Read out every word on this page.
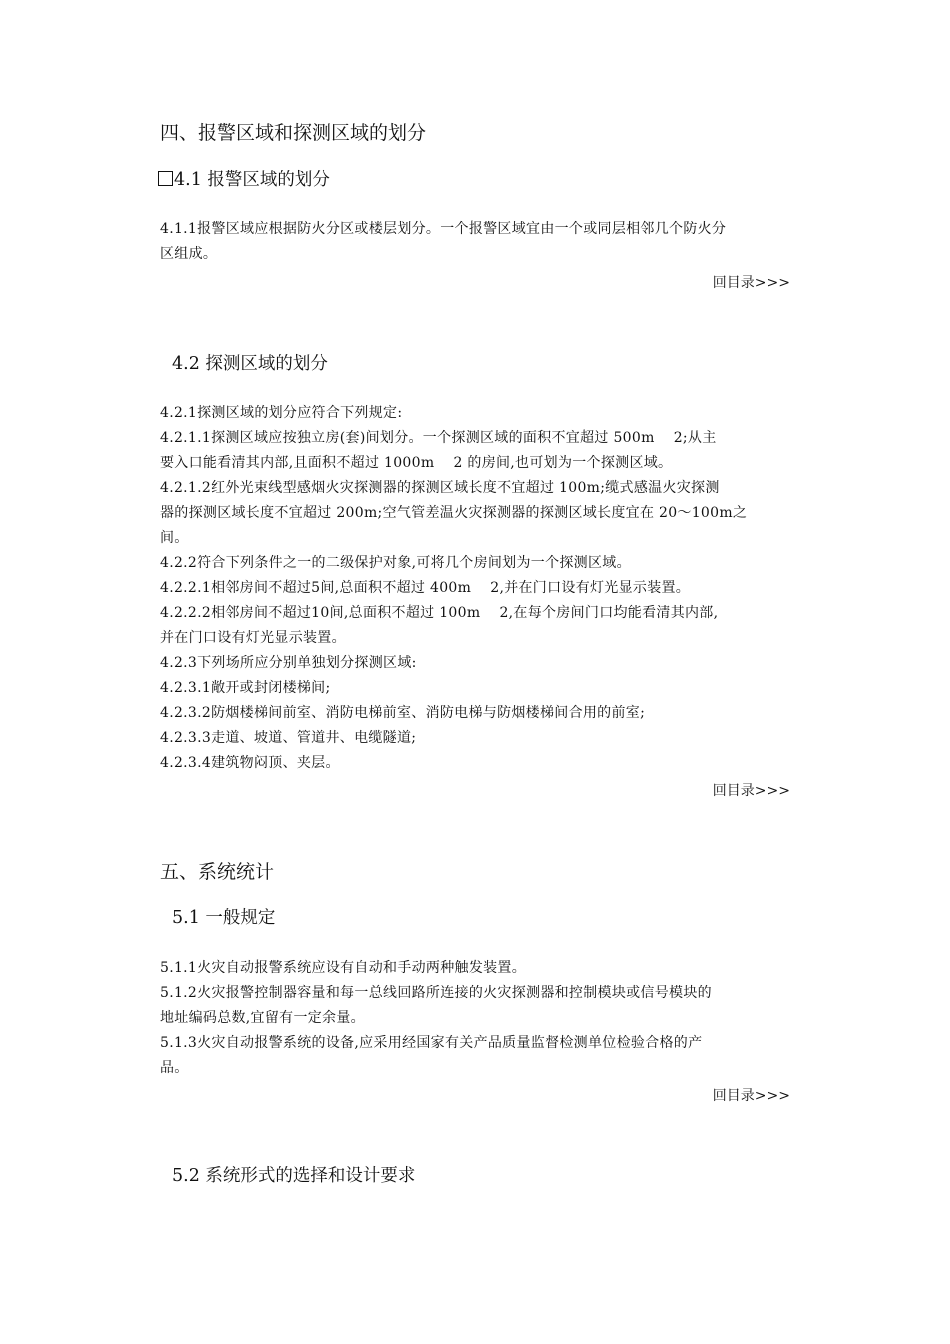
四、报警区域和探测区域的划分
4.1 报警区域的划分
4.1.1报警区域应根据防火分区或楼层划分。一个报警区域宜由一个或同层相邻几个防火分
区组成。
回目录>>>
4.2 探测区域的划分
4.2.1探测区域的划分应符合下列规定:
4.2.1.1探测区域应按独立房(套)间划分。一个探测区域的面积不宜超过 500m 　2;从主
要入口能看清其内部,且面积不超过 1000m 　2 的房间,也可划为一个探测区域。
4.2.1.2红外光束线型感烟火灾探测器的探测区域长度不宜超过 100m;缆式感温火灾探测
器的探测区域长度不宜超过 200m;空气管差温火灾探测器的探测区域长度宜在 20～100m之
间。
4.2.2符合下列条件之一的二级保护对象,可将几个房间划为一个探测区域。
4.2.2.1相邻房间不超过5间,总面积不超过 400m 　2,并在门口设有灯光显示装置。
4.2.2.2相邻房间不超过10间,总面积不超过 100m 　2,在每个房间门口均能看清其内部,
并在门口设有灯光显示装置。
4.2.3下列场所应分别单独划分探测区域:
4.2.3.1敞开或封闭楼梯间;
4.2.3.2防烟楼梯间前室、消防电梯前室、消防电梯与防烟楼梯间合用的前室;
4.2.3.3走道、坡道、管道井、电缆隧道;
4.2.3.4建筑物闷顶、夹层。
回目录>>>
五、系统统计
5.1 一般规定
5.1.1火灾自动报警系统应设有自动和手动两种触发装置。
5.1.2火灾报警控制器容量和每一总线回路所连接的火灾探测器和控制模块或信号模块的
地址编码总数,宜留有一定余量。
5.1.3火灾自动报警系统的设备,应采用经国家有关产品质量监督检测单位检验合格的产
品。
回目录>>>
5.2 系统形式的选择和设计要求
